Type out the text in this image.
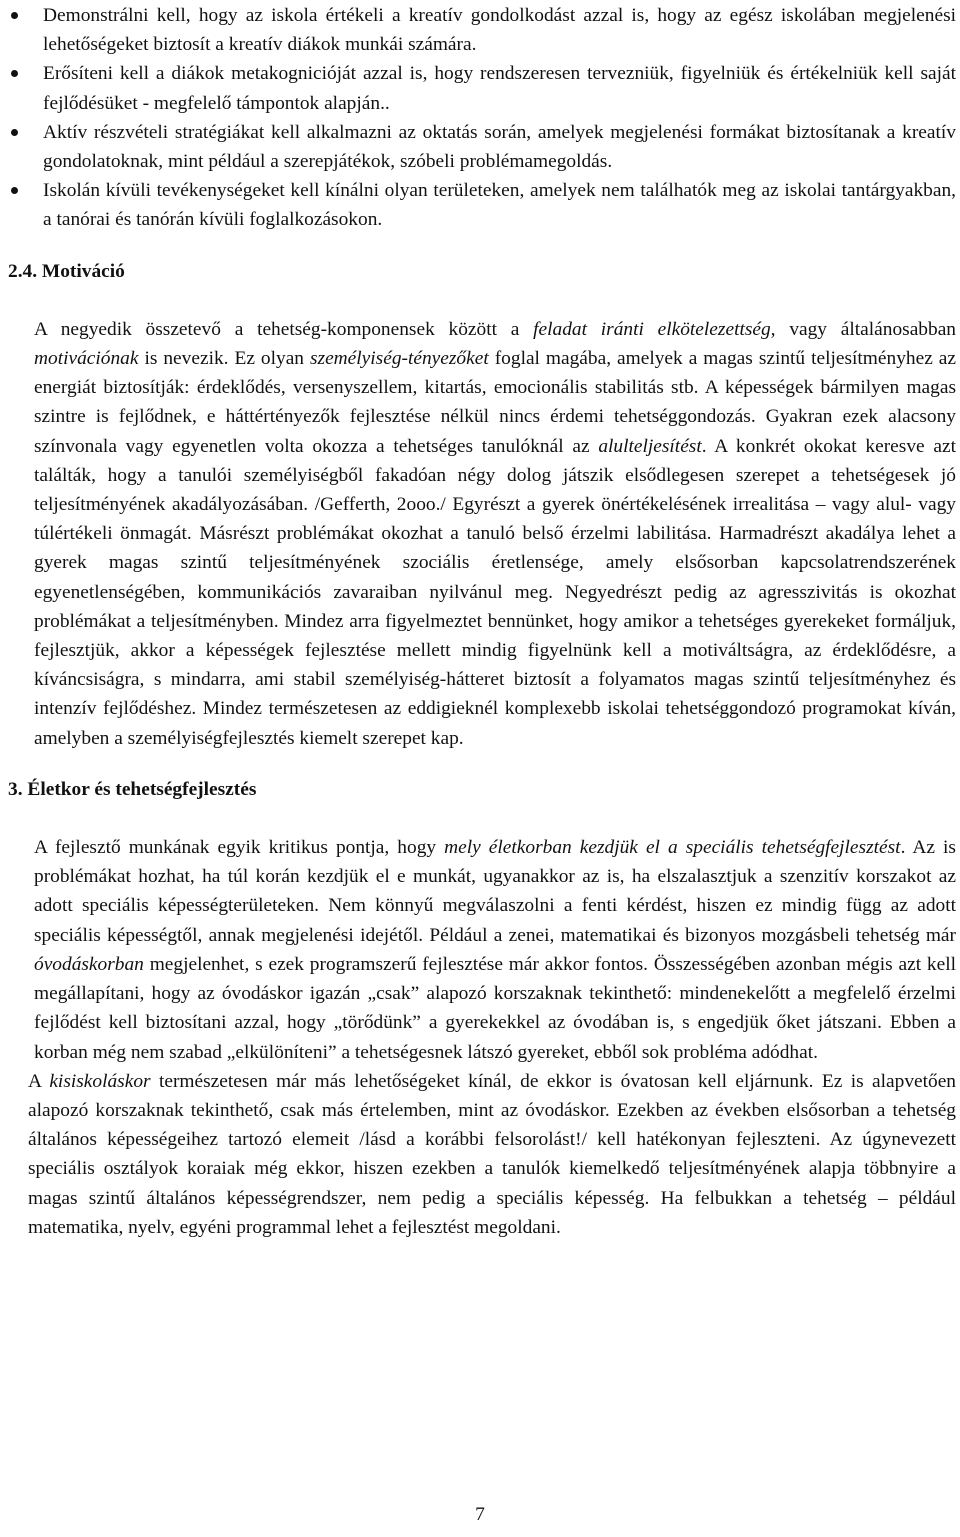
Demonstrálni kell, hogy az iskola értékeli a kreatív gondolkodást azzal is, hogy az egész iskolában megjelenési lehetőségeket biztosít a kreatív diákok munkái számára.
Erősíteni kell a diákok metakognicióját azzal is, hogy rendszeresen tervezniük, figyelniük és értékelniük kell saját fejlődésüket - megfelelő támpontok alapján..
Aktív részvételi stratégiákat kell alkalmazni az oktatás során, amelyek megjelenési formákat biztosítanak a kreatív gondolatoknak, mint például a szerepjátékok, szóbeli problémamegoldás.
Iskolán kívüli tevékenységeket kell kínálni olyan területeken, amelyek nem találhatók meg az iskolai tantárgyakban, a tanórai és tanórán kívüli foglalkozásokon.
2.4. Motiváció

A negyedik összetevő a tehetség-komponensek között a feladat iránti elkötelezettség, vagy általánosabban motivációnak is nevezik. Ez olyan személyiség-tényezőket foglal magába, amelyek a magas szintű teljesítményhez az energiát biztosítják: érdeklődés, versenyszellem, kitartás, emocionális stabilitás stb. A képességek bármilyen magas szintre is fejlődnek, e háttértényezők fejlesztése nélkül nincs érdemi tehetséggondozás. Gyakran ezek alacsony színvonala vagy egyenetlen volta okozza a tehetséges tanulóknál az alulteljesítést. A konkrét okokat keresve azt találták, hogy a tanulói személyiségből fakadóan négy dolog játszik elsődlegesen szerepet a tehetségesek jó teljesítményének akadályozásában. /Gefferth, 2ooo./ Egyrészt a gyerek önértékelésének irrealitása – vagy alul- vagy túlértékeli önmagát. Másrészt problémákat okozhat a tanuló belső érzelmi labilitása. Harmadrészt akadálya lehet a gyerek magas szintű teljesítményének szociális éretlensége, amely elsősorban kapcsolatrendszerének egyenetlenségében, kommunikációs zavaraiban nyilvánul meg. Negyedrészt pedig az agresszivitás is okozhat problémákat a teljesítményben. Mindez arra figyelmeztet bennünket, hogy amikor a tehetséges gyerekeket formáljuk, fejlesztjük, akkor a képességek fejlesztése mellett mindig figyelnünk kell a motiváltságra, az érdeklődésre, a kíváncsiságra, s mindarra, ami stabil személyiség-hátteret biztosít a folyamatos magas szintű teljesítményhez és intenzív fejlődéshez. Mindez természetesen az eddigieknél komplexebb iskolai tehetséggondozó programokat kíván, amelyben a személyiségfejlesztés kiemelt szerepet kap.

3. Életkor és tehetségfejlesztés

A fejlesztő munkának egyik kritikus pontja, hogy mely életkorban kezdjük el a speciális tehetségfejlesztést. Az is problémákat hozhat, ha túl korán kezdjük el e munkát, ugyanakkor az is, ha elszalasztjuk a szenzitív korszakot az adott speciális képességterületeken. Nem könnyű megválaszolni a fenti kérdést, hiszen ez mindig függ az adott speciális képességtől, annak megjelenési idejétől. Például a zenei, matematikai és bizonyos mozgásbeli tehetség már óvodáskorban megjelenhet, s ezek programszerű fejlesztése már akkor fontos. Összességében azonban mégis azt kell megállapítani, hogy az óvodáskor igazán „csak” alapozó korszaknak tekinthető: mindenekelőtt a megfelelő érzelmi fejlődést kell biztosítani azzal, hogy „törődünk” a gyerekekkel az óvodában is, s engedjük őket játszani. Ebben a korban még nem szabad „elkülöníteni” a tehetségesnek látszó gyereket, ebből sok probléma adódhat.

A kisiskoláskor természetesen már más lehetőségeket kínál, de ekkor is óvatosan kell eljárnunk. Ez is alapvetően alapozó korszaknak tekinthető, csak más értelemben, mint az óvodáskor. Ezekben az években elsősorban a tehetség általános képességeihez tartozó elemeit /lásd a korábbi felsorolást!/ kell hatékonyan fejleszteni. Az úgynevezett speciális osztályok koraiak még ekkor, hiszen ezekben a tanulók kiemelkedő teljesítményének alapja többnyire a magas szintű általános képességrendszer, nem pedig a speciális képesség. Ha felbukkan a tehetség – például matematika, nyelv, egyéni programmal lehet a fejlesztést megoldani.

7
